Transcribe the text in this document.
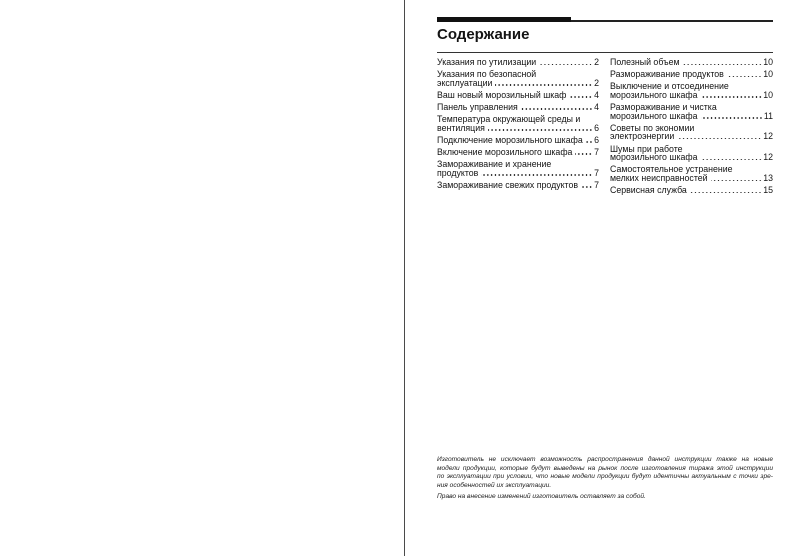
Содержание
Указания по утилизации	2
Указания по безопасной
эксплуатации	2
Ваш новый морозильный шкаф	4
Панель управления	4
Температура окружающей среды и
вентиляция	6
Подключение морозильного шкафа 6
Включение морозильного шкафа 7
Замораживание и хранение
продуктов	7
Замораживание свежих продуктов 7
Полезный объем	10
Размораживание продуктов	10
Выключение и отсоединение
морозильного шкафа	10
Размораживание и чистка
морозильного шкафа	11
Советы по экономии
электроэнергии	12
Шумы при работе
морозильного шкафа	12
Самостоятельное устранение
мелких неисправностей	13
Сервисная служба	15
Изготовитель не исключает возможность распространения данной инструкции также на новые
модели продукции, которые будут выведены на рынок после изготовления тиража этой инструкции
по эксплуатации при условии, что новые модели продукции будут идентичны актуальным с точки зре-
ния особенностей их эксплуатации.
Право на внесение изменений изготовитель оставляет за собой.
